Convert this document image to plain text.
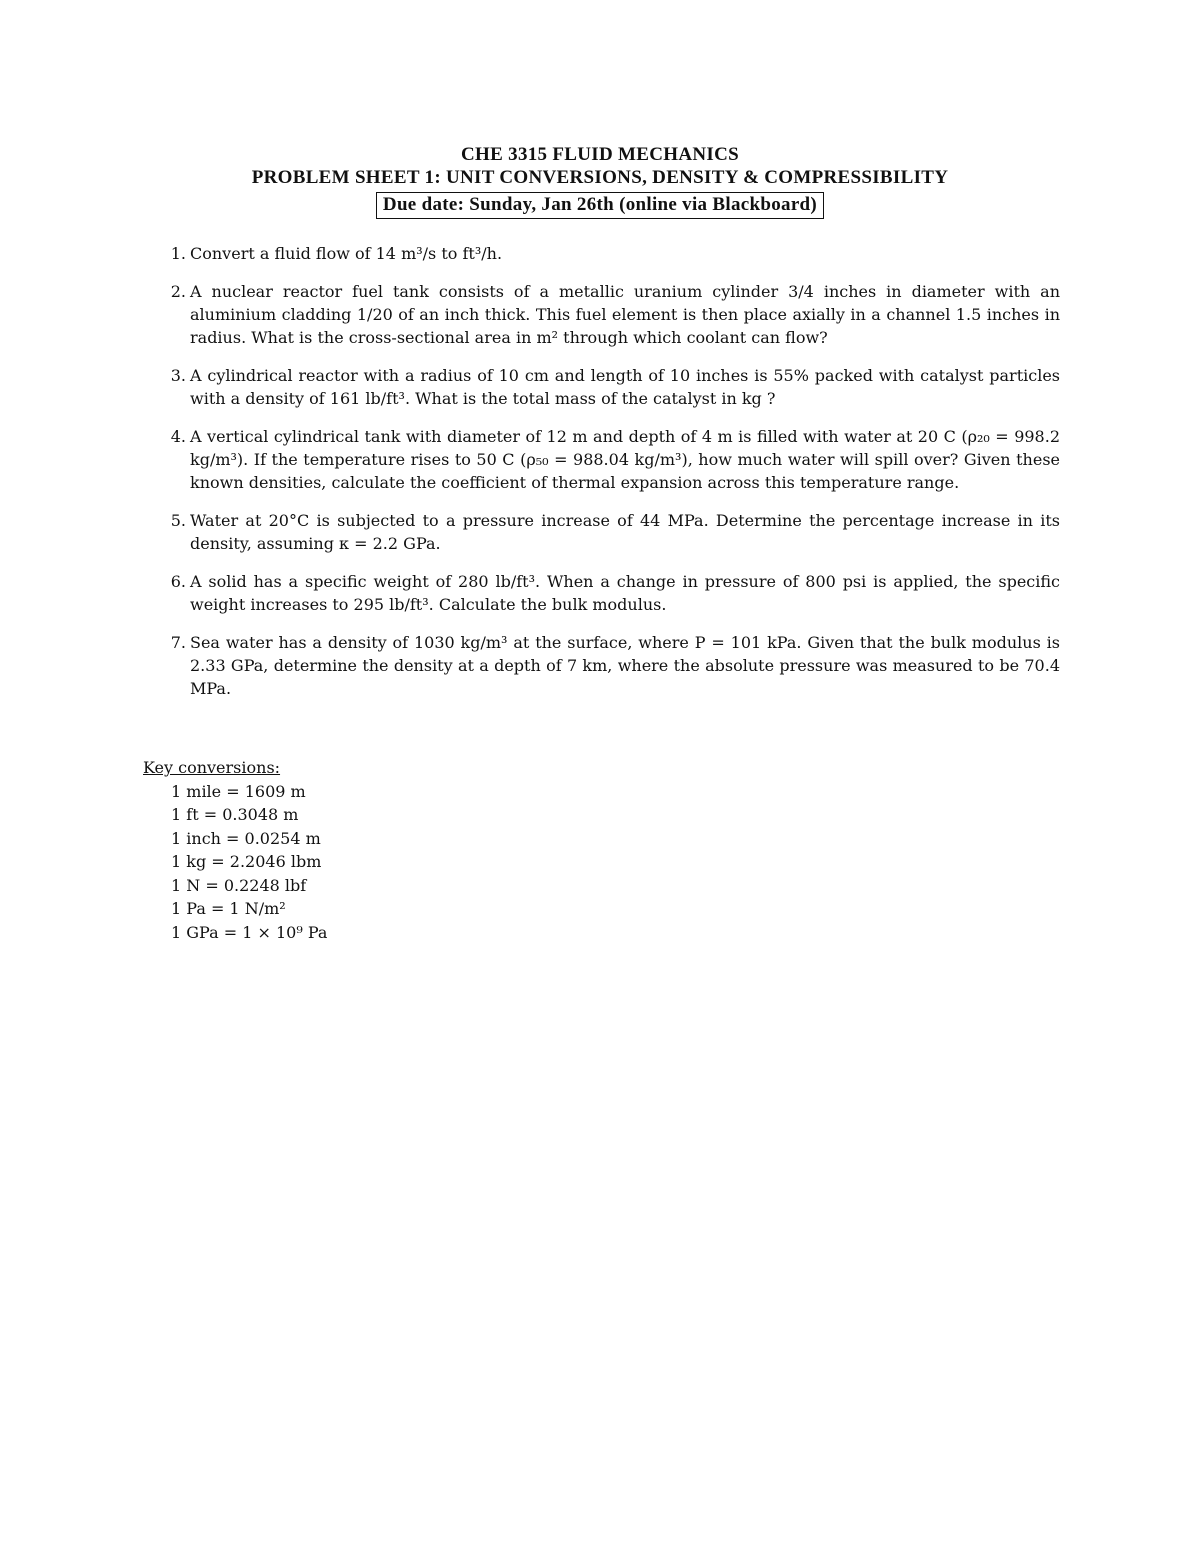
CHE 3315 FLUID MECHANICS
PROBLEM SHEET 1: UNIT CONVERSIONS, DENSITY & COMPRESSIBILITY
Due date: Sunday, Jan 26th (online via Blackboard)
1. Convert a fluid flow of 14 m³/s to ft³/h.
2. A nuclear reactor fuel tank consists of a metallic uranium cylinder 3/4 inches in diameter with an aluminium cladding 1/20 of an inch thick. This fuel element is then place axially in a channel 1.5 inches in radius. What is the cross-sectional area in m² through which coolant can flow?
3. A cylindrical reactor with a radius of 10 cm and length of 10 inches is 55% packed with catalyst particles with a density of 161 lb/ft³. What is the total mass of the catalyst in kg ?
4. A vertical cylindrical tank with diameter of 12 m and depth of 4 m is filled with water at 20 C (ρ₂₀ = 998.2 kg/m³). If the temperature rises to 50 C (ρ₅₀ = 988.04 kg/m³), how much water will spill over? Given these known densities, calculate the coefficient of thermal expansion across this temperature range.
5. Water at 20°C is subjected to a pressure increase of 44 MPa. Determine the percentage increase in its density, assuming κ = 2.2 GPa.
6. A solid has a specific weight of 280 lb/ft³. When a change in pressure of 800 psi is applied, the specific weight increases to 295 lb/ft³. Calculate the bulk modulus.
7. Sea water has a density of 1030 kg/m³ at the surface, where P = 101 kPa. Given that the bulk modulus is 2.33 GPa, determine the density at a depth of 7 km, where the absolute pressure was measured to be 70.4 MPa.
Key conversions:
1 mile = 1609 m
1 ft = 0.3048 m
1 inch = 0.0254 m
1 kg = 2.2046 lbm
1 N = 0.2248 lbf
1 Pa = 1 N/m²
1 GPa = 1 × 10⁹ Pa
